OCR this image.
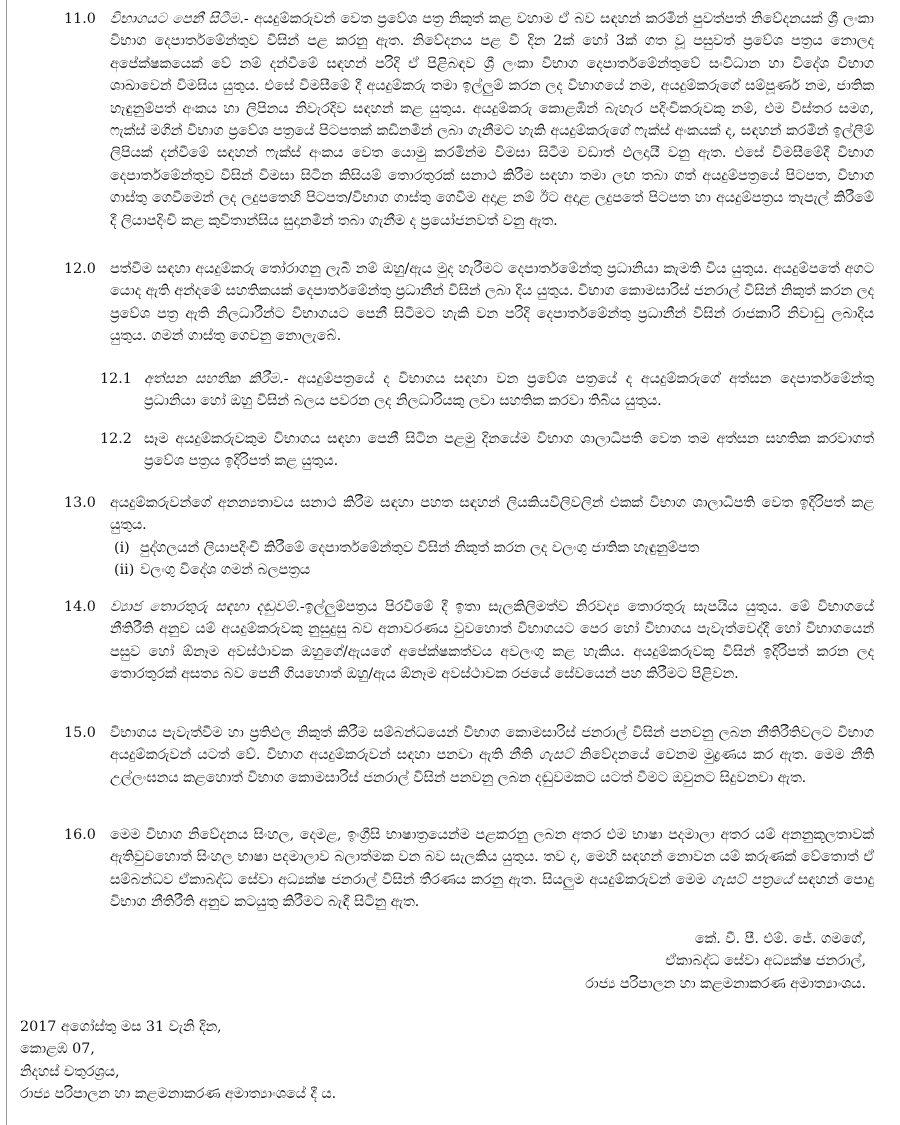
11.0 විභාගයට පෙනී සිටීම.- අයදුම්කරුවන් වෙත ප්‍රවේශ පත්‍ර නිකුත් කළ වහාම ඒ බව සඳහන් කරමින් පුවත්පත් නිවේදනයක් ශ්‍රී ලංකා විභාග දෙපාර්තමේන්තුව විසින් පළ කරනු ඇත. නිවේදනය පළ වී දින 2ක් හෝ 3ක් ගත වූ පසුවත් ප්‍රවේශ පත්‍රය නොලද අපේක්ෂකයෙක් වේ නම් දන්වීමේ සඳහන් පරිදි ඒ පිළිබඳව ශ්‍රී ලංකා විභාග දෙපාර්තමේන්තුවේ සංවිධාන හා විදේශ විභාග ශාඛාවෙන් විමසිය යුතුය. එසේ විමසීමේ දී අයදුම්කරු තමා ඉල්ලුම් කරන ලද විභාගයේ නම, අයදුම්කරුගේ සම්පූර්ණ නම, ජාතික හැඳුනුම්පත් අංකය හා ලිපිනය නිවැරදිව සඳහන් කළ යුතුය. අයදුම්කරු කොළඹින් බැහැර පදිංචිකරුවකු නම්, එම විස්තර සමග, ෆැක්ස් මගින් විභාග ප්‍රවේශ පත්‍රයේ පිටපතක් කඩිනමින් ලබා ගැනීමට හැකි අයදුම්කරුගේ ෆැක්ස් අංකයක් ද, සඳහන් කරමින් ඉල්ලීම් ලිපියක් දන්වීමේ සඳහන් ෆැක්ස් අංකය වෙත යොමු කරමින්ම විමසා සිටීම වඩාත් ඵලදායී වනු ඇත. එසේ විමසීමේදී විභාග දෙපාර්තමේන්තුව විසින් විමසා සිටින කිසියම් තොරතුරක් සනාථ කිරීම සඳහා තමා ලඟ තබා ගත් අයදුම්පත්‍රයේ පිටපත, විභාග ගාස්තු ගෙවීමෙන් ලද ලදුපතෙහි පිටපත/විභාග ගාස්තු ගෙවීම අදාළ නම් ඊට අදාළ ලදුපතේ පිටපත හා අයදුම්පත්‍රය තැපැල් කිරීමේ දී ලියාපදිංචි කළ කුවිතාන්සිය සුදානමින් තබා ගැනීම ද ප්‍රයෝජනවත් වනු ඇත.
12.0 පත්වීම සඳහා අයදුම්කරු තෝරාගනු ලැබී නම් ඔහු/ඇය මුද හැරීමට දෙපාර්තමේන්තු ප්‍රධානියා කැමති විය යුතුය. අයදුම්පතේ අගට යොද ඇති අන්දමේ සහතිකයක් දෙපාර්තමේන්තු ප්‍රධානීන් විසින් ලබා දිය යුතුය. විභාග කොමසාරිස් ජනරාල් විසින් නිකුත් කරන ලද ප්‍රවේශ පත්‍ර ඇති නිලධාරීන්ට විභාගයට පෙනී සිටීමට හැකි වන පරිදි දෙපාර්තමේන්තු ප්‍රධානීන් විසින් රාජකාරි නිවාඩු ලබාදිය යුතුය. ගමන් ගාස්තු ගෙවනු නොලැබේ.
12.1 අත්සන සහතික කිරීම.- අයදුම්පත්‍රයේ ද විභාගය සඳහා වන ප්‍රවේශ පත්‍රයේ ද අයදුම්කරුගේ අත්සන දෙපාර්තමේන්තු ප්‍රධානියා හෝ ඔහු විසින් බලය පවරන ලද නිලධාරියකු ලවා සහතික කරවා තිබිය යුතුය.
12.2 සෑම අයදුම්කරුවකුම විභාගය සඳහා පෙනී සිටින පළමු දිනයේම විභාග ශාලාධිපති වෙත තම අත්සන සහතික කරවාගත් ප්‍රවේශ පත්‍රය ඉදිරිපත් කළ යුතුය.
13.0 අයදුම්කරුවන්ගේ අනන්‍යතාවය සනාථ කිරීම සඳහා පහත සඳහන් ලියකියවිලිවලින් එකක් විභාග ශාලාධිපති වෙත ඉදිරිපත් කළ යුතුය.
(i) පුද්ගලයන් ලියාපදිංචි කිරීමේ දෙපාර්තමේන්තුව විසින් නිකුත් කරන ලද වලංගු ජාතික හැඳුනුම්පත
(ii) වලංගු විදේශ ගමන් බලපත්‍රය
14.0 ව්‍යාජ තොරතුරු සඳහා දඬුවම්.-ඉල්ලුම්පත්‍රය පිරවීමේ දී ඉතා සැලකිලිමත්ව නිරවද්‍ය තොරතුරු සැපයිය යුතුය. මේ විභාගයේ නීතිරීති අනුව යම් අයදුම්කරුවකු නුසුදුසු බව අනාවරණය වුවහොත් විභාගයට පෙර හෝ විභාගය පැවැත්වෙද්දී හෝ විභාගයෙන් පසුව හෝ ඕනෑම අවස්ථාවක ඔහුගේ/ඇයගේ අපේක්ෂකත්වය අවලංගු කළ හැකිය. අයදුම්කරුවකු විසින් ඉදිරිපත් කරන ලද තොරතුරක් අසත්‍ය බව පෙනී ගියහොත් ඔහු/ඇය ඕනෑම අවස්ථාවක රජයේ සේවයෙන් පහ කිරීමට පිළිවන.
15.0 විභාගය පැවැත්වීම හා ප්‍රතිඵල නිකුත් කිරීම සම්බන්ධයෙන් විභාග කොමසාරිස් ජනරාල් විසින් පනවනු ලබන නීතිරීතිවලට විභාග අයදුම්කරුවන් යටත් වේ. විභාග අයදුම්කරුවන් සඳහා පනවා ඇති නීති ගැසට් නිවේදනයේ වෙනම මුද්‍රණය කර ඇත. මෙම නීති උල්ලංඝනය කළහොත් විභාග කොමසාරිස් ජනරාල් විසින් පනවනු ලබන දඬුවමකට යටත් වීමට ඔවුනට සිදුවනවා ඇත.
16.0 මෙම විභාග නිවේදනය සිංහල, දෙමළ, ඉංග්‍රීසි භාෂාත්‍රයෙන්ම පළකරනු ලබන අතර එම භාෂා පදමාලා අතර යම් අනනුකූලතාවක් ඇතිවුවහොත් සිංහල භාෂා පදමාලාව බලාත්මක වන බව සැලකිය යුතුය. තව ද, මෙහි සඳහන් නොවන යම් කරුණක් වේතොත් ඒ සම්බන්ධව ඒකාබද්ධ සේවා අධ්‍යක්ෂ ජනරාල් විසින් තීරණය කරනු ඇත. සියලුම අයදුම්කරුවන් මෙම ගැසට් පත්‍රයේ සඳහන් පොදු විභාග නීතිරීති අනුව කටයුතු කිරීමට බැඳී සිටිනු ඇත.
කේ. වී. පී. එම්. ජේ. ගමගේ,
ඒකාබද්ධ සේවා අධ්‍යක්ෂ ජනරාල්,
රාජ්‍ය පරිපාලන හා කළමනාකරණ අමාත්‍යාංශය.
2017 අගෝස්තු මස 31 වැනි දින,
කොළඹ 07,
නිදහස් චතුරශ්‍රය,
රාජ්‍ය පරිපාලන හා කළමනාකරණ අමාත්‍යාංශයේ දී ය.
